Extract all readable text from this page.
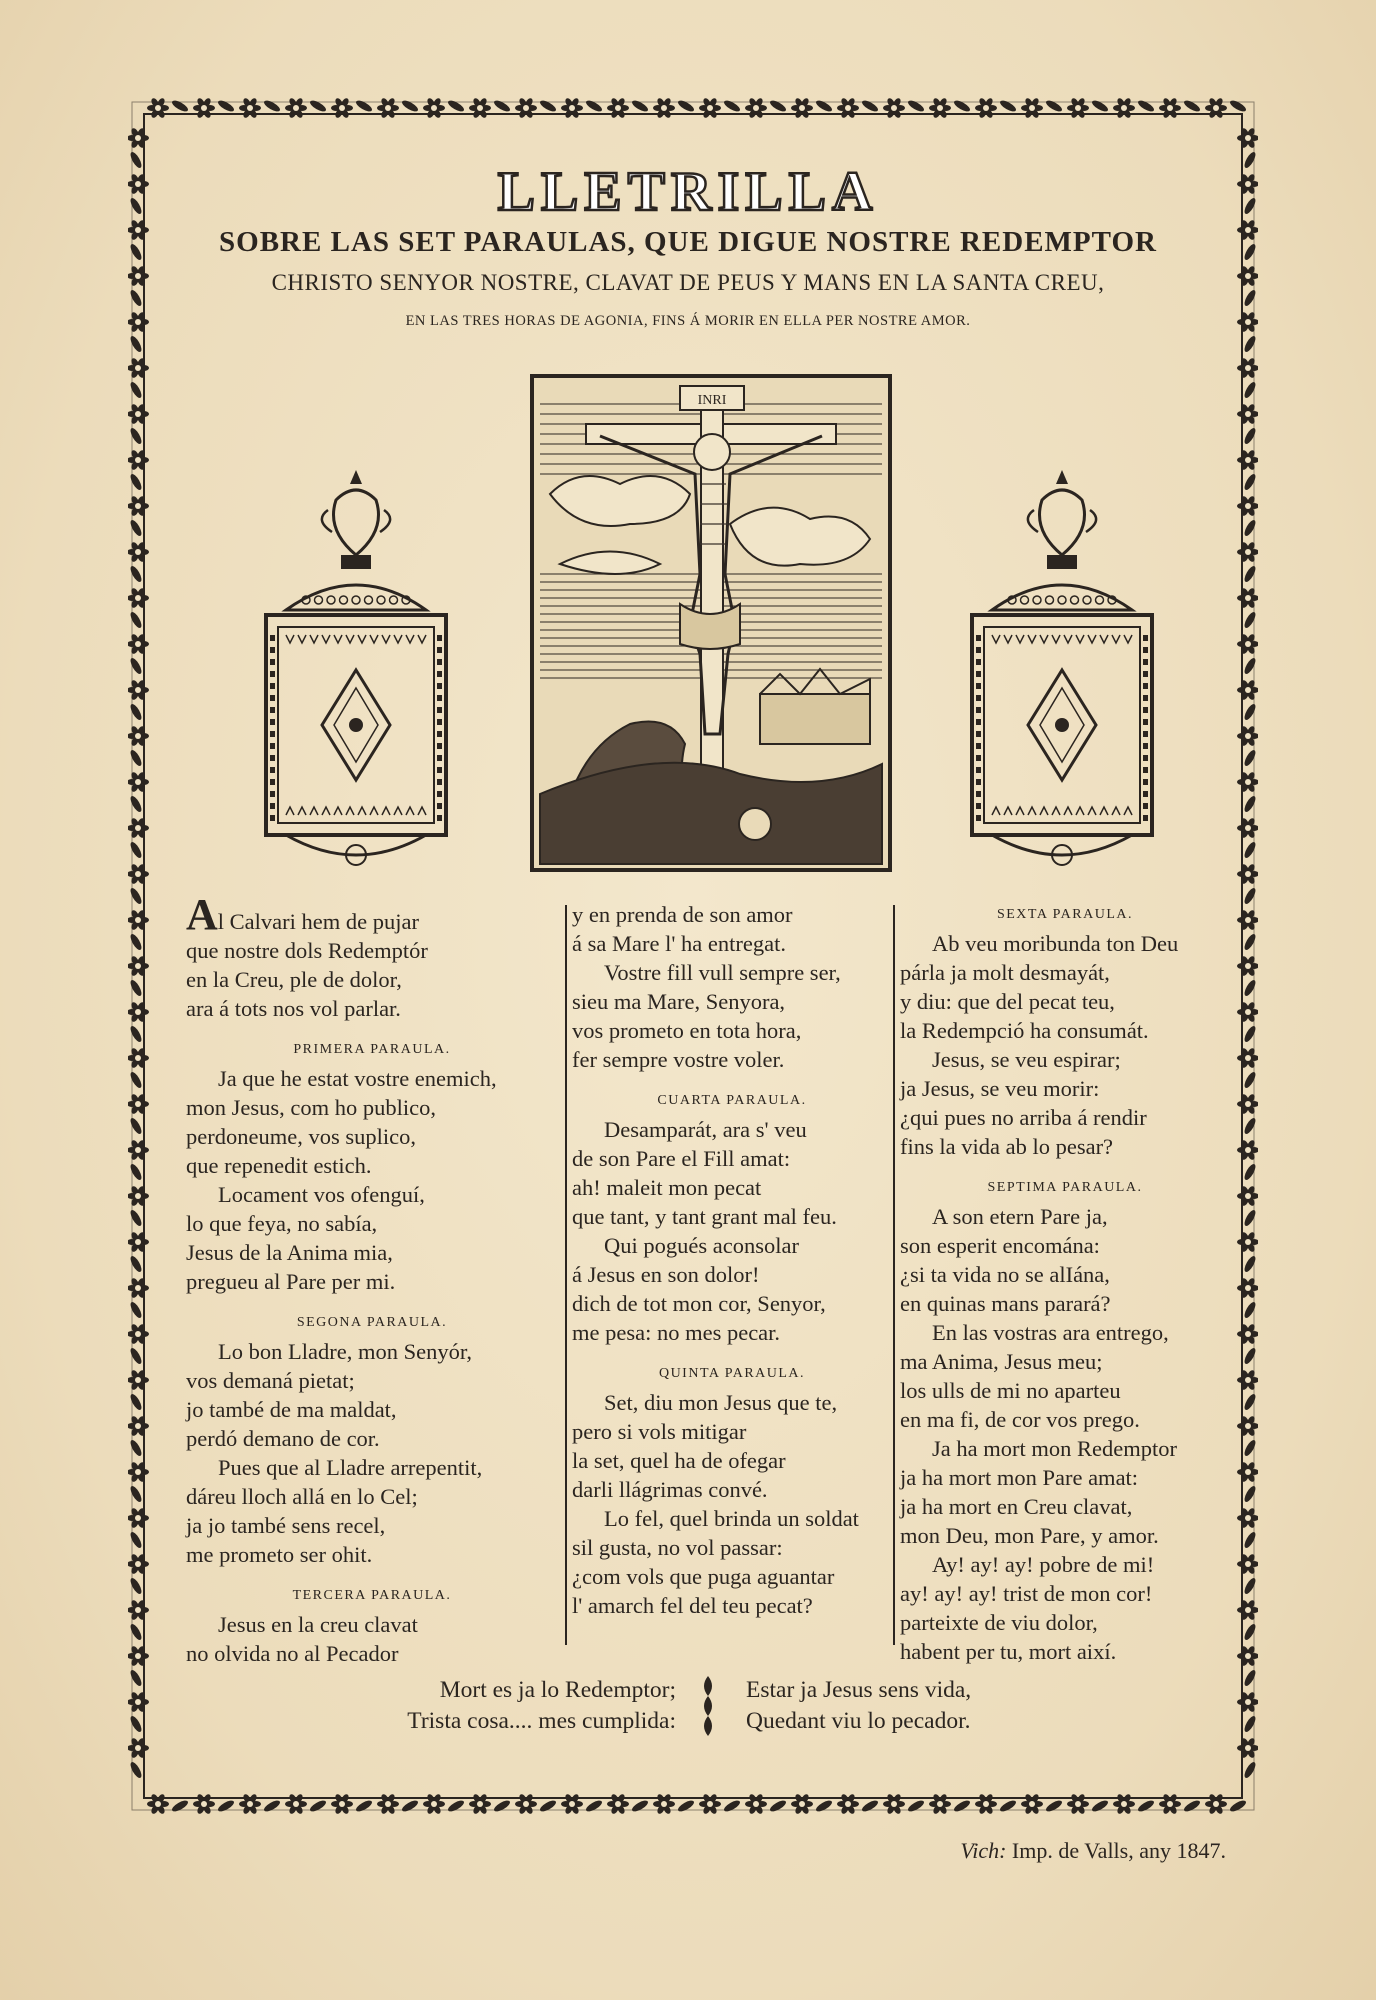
LLETRILLA
SOBRE LAS SET PARAULAS, QUE DIGUE NOSTRE REDEMPTOR
CHRISTO SENYOR NOSTRE, CLAVAT DE PEUS Y MANS EN LA SANTA CREU,
EN LAS TRES HORAS DE AGONIA, FINS Á MORIR EN ELLA PER NOSTRE AMOR.
INRI
Al Calvari hem de pujar
que nostre dols Redemptór
en la Creu, ple de dolor,
ara á tots nos vol parlar.
PRIMERA PARAULA.
Ja que he estat vostre enemich,
mon Jesus, com ho publico,
perdoneume, vos suplico,
que repenedit estich.
Locament vos ofenguí,
lo que feya, no sabía,
Jesus de la Anima mia,
pregueu al Pare per mi.
SEGONA PARAULA.
Lo bon Lladre, mon Senyór,
vos demaná pietat;
jo també de ma maldat,
perdó demano de cor.
Pues que al Lladre arrepentit,
dáreu lloch allá en lo Cel;
ja jo també sens recel,
me prometo ser ohit.
TERCERA PARAULA.
Jesus en la creu clavat
no olvida no al Pecador
y en prenda de son amor
á sa Mare l' ha entregat.
Vostre fill vull sempre ser,
sieu ma Mare, Senyora,
vos prometo en tota hora,
fer sempre vostre voler.
CUARTA PARAULA.
Desamparát, ara s' veu
de son Pare el Fill amat:
ah! maleit mon pecat
que tant, y tant grant mal feu.
Qui pogués aconsolar
á Jesus en son dolor!
dich de tot mon cor, Senyor,
me pesa: no mes pecar.
QUINTA PARAULA.
Set, diu mon Jesus que te,
pero si vols mitigar
la set, quel ha de ofegar
darli llágrimas convé.
Lo fel, quel brinda un soldat
sil gusta, no vol passar:
¿com vols que puga aguantar
l' amarch fel del teu pecat?
SEXTA PARAULA.
Ab veu moribunda ton Deu
párla ja molt desmayát,
y diu: que del pecat teu,
la Redempció ha consumát.
Jesus, se veu espirar;
ja Jesus, se veu morir:
¿qui pues no arriba á rendir
fins la vida ab lo pesar?
SEPTIMA PARAULA.
A son etern Pare ja,
son esperit encomána:
¿si ta vida no se alIána,
en quinas mans parará?
En las vostras ara entrego,
ma Anima, Jesus meu;
los ulls de mi no aparteu
en ma fi, de cor vos prego.
Ja ha mort mon Redemptor
ja ha mort mon Pare amat:
ja ha mort en Creu clavat,
mon Deu, mon Pare, y amor.
Ay! ay! ay! pobre de mi!
ay! ay! ay! trist de mon cor!
parteixte de viu dolor,
habent per tu, mort així.
Mort es ja lo Redemptor;
Trista cosa.... mes cumplida:
Estar ja Jesus sens vida,
Quedant viu lo pecador.
Vich: Imp. de Valls, any 1847.
